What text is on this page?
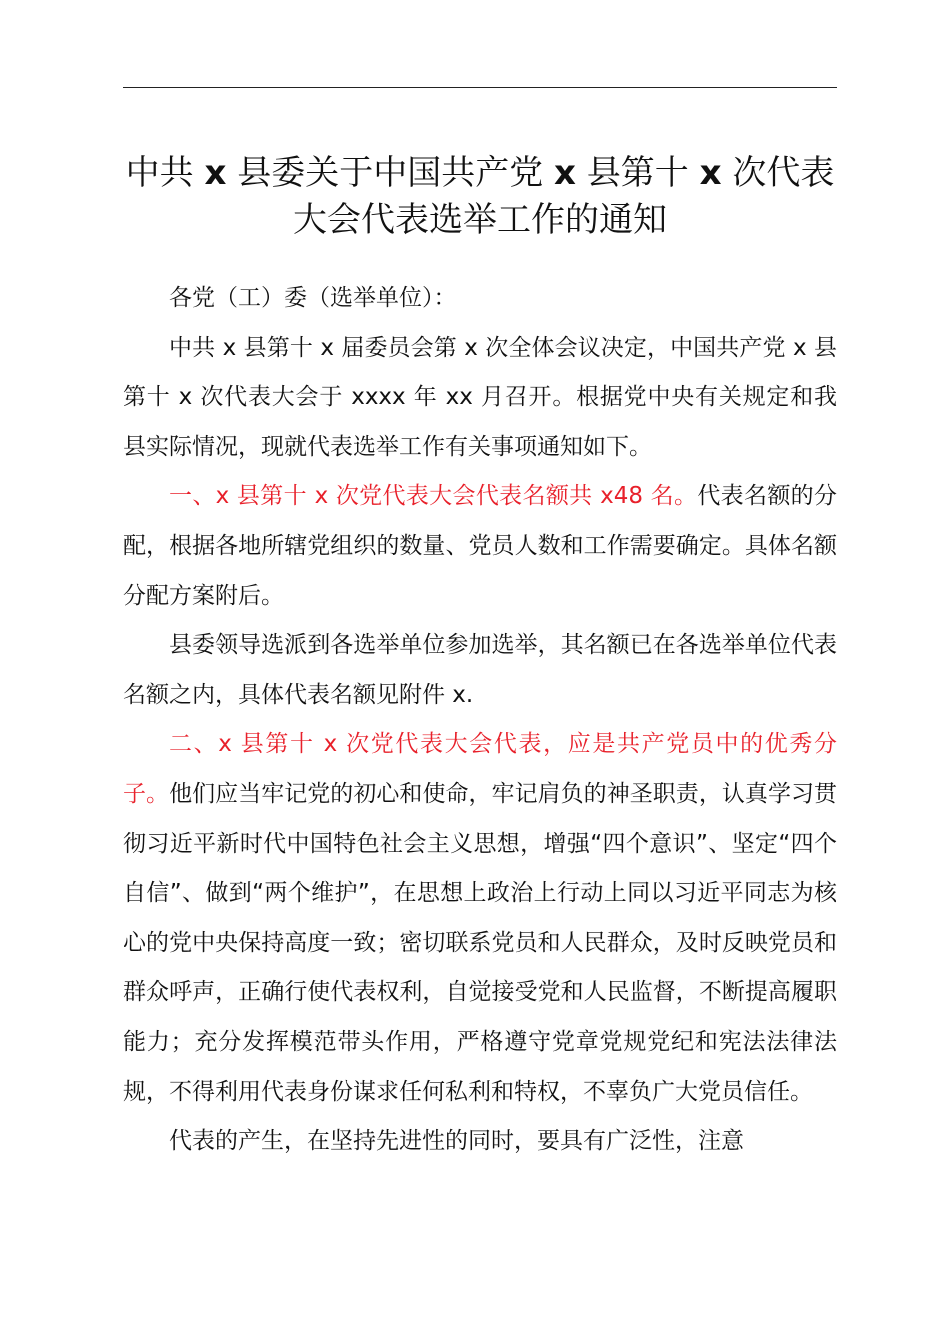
中共 x 县委关于中国共产党 x 县第十 x 次代表
大会代表选举工作的通知

各党（工）委（选举单位）：

中共 x 县第十 x 届委员会第 x 次全体会议决定，中国共产党 x 县第十 x 次代表大会于 xxxx 年 xx 月召开。根据党中央有关规定和我县实际情况，现就代表选举工作有关事项通知如下。

一、x 县第十 x 次党代表大会代表名额共 x48 名。代表名额的分配，根据各地所辖党组织的数量、党员人数和工作需要确定。具体名额分配方案附后。

县委领导选派到各选举单位参加选举，其名额已在各选举单位代表名额之内，具体代表名额见附件 x.

二、x 县第十 x 次党代表大会代表，应是共产党员中的优秀分子。他们应当牢记党的初心和使命，牢记肩负的神圣职责，认真学习贯彻习近平新时代中国特色社会主义思想，增强“四个意识”、坚定“四个自信”、做到“两个维护”，在思想上政治上行动上同以习近平同志为核心的党中央保持高度一致；密切联系党员和人民群众，及时反映党员和群众呼声，正确行使代表权利，自觉接受党和人民监督，不断提高履职能力；充分发挥模范带头作用，严格遵守党章党规党纪和宪法法律法规，不得利用代表身份谋求任何私利和特权，不辜负广大党员信任。

代表的产生，在坚持先进性的同时，要具有广泛性，注意
